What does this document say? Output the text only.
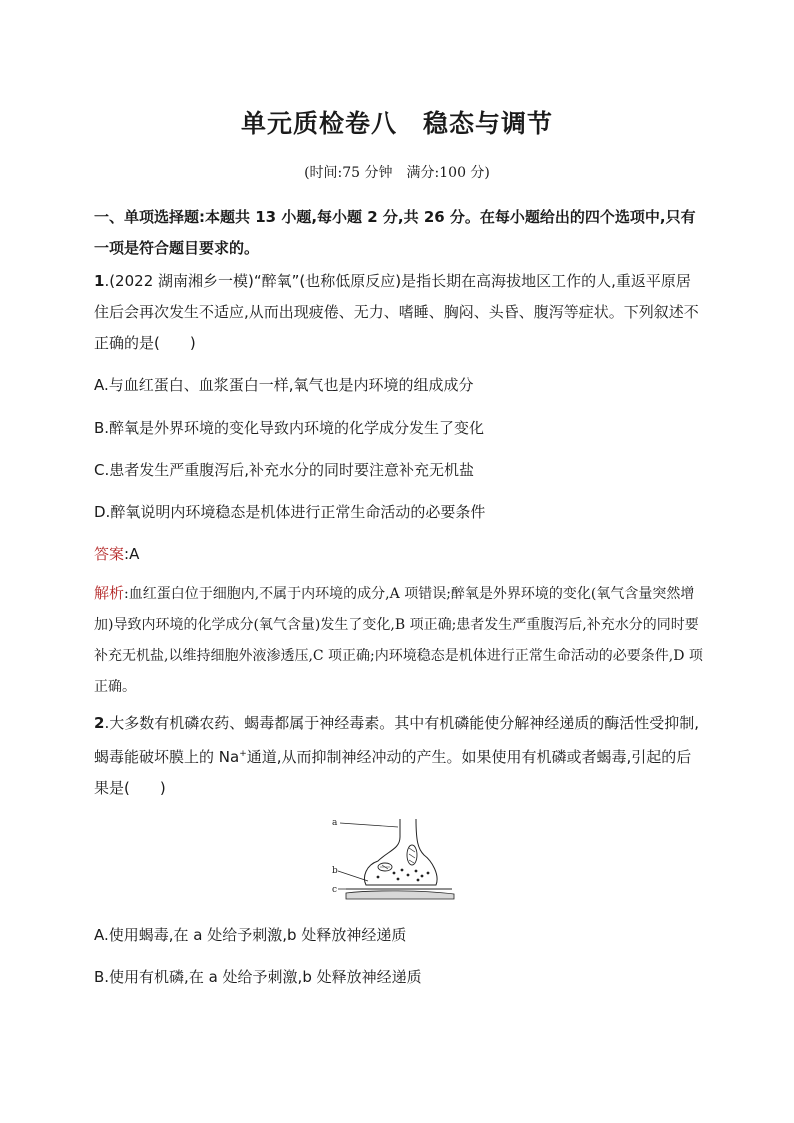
单元质检卷八　稳态与调节
(时间:75 分钟　满分:100 分)
一、单项选择题:本题共 13 小题,每小题 2 分,共 26 分。在每小题给出的四个选项中,只有一项是符合题目要求的。
1.(2022 湖南湘乡一模)“醉氧”(也称低原反应)是指长期在高海拔地区工作的人,重返平原居住后会再次发生不适应,从而出现疲倦、无力、嗜睡、胸闷、头昏、腹泻等症状。下列叙述不正确的是(　　)
A.与血红蛋白、血浆蛋白一样,氧气也是内环境的组成成分
B.醉氧是外界环境的变化导致内环境的化学成分发生了变化
C.患者发生严重腹泻后,补充水分的同时要注意补充无机盐
D.醉氧说明内环境稳态是机体进行正常生命活动的必要条件
答案:A
解析:血红蛋白位于细胞内,不属于内环境的成分,A 项错误;醉氧是外界环境的变化(氧气含量突然增加)导致内环境的化学成分(氧气含量)发生了变化,B 项正确;患者发生严重腹泻后,补充水分的同时要补充无机盐,以维持细胞外液渗透压,C 项正确;内环境稳态是机体进行正常生命活动的必要条件,D 项正确。
2.大多数有机磷农药、蝎毒都属于神经毒素。其中有机磷能使分解神经递质的酶活性受抑制,蝎毒能破坏膜上的 Na+通道,从而抑制神经冲动的产生。如果使用有机磷或者蝎毒,引起的后果是(　　)
a
b
c
A.使用蝎毒,在 a 处给予刺激,b 处释放神经递质
B.使用有机磷,在 a 处给予刺激,b 处释放神经递质
